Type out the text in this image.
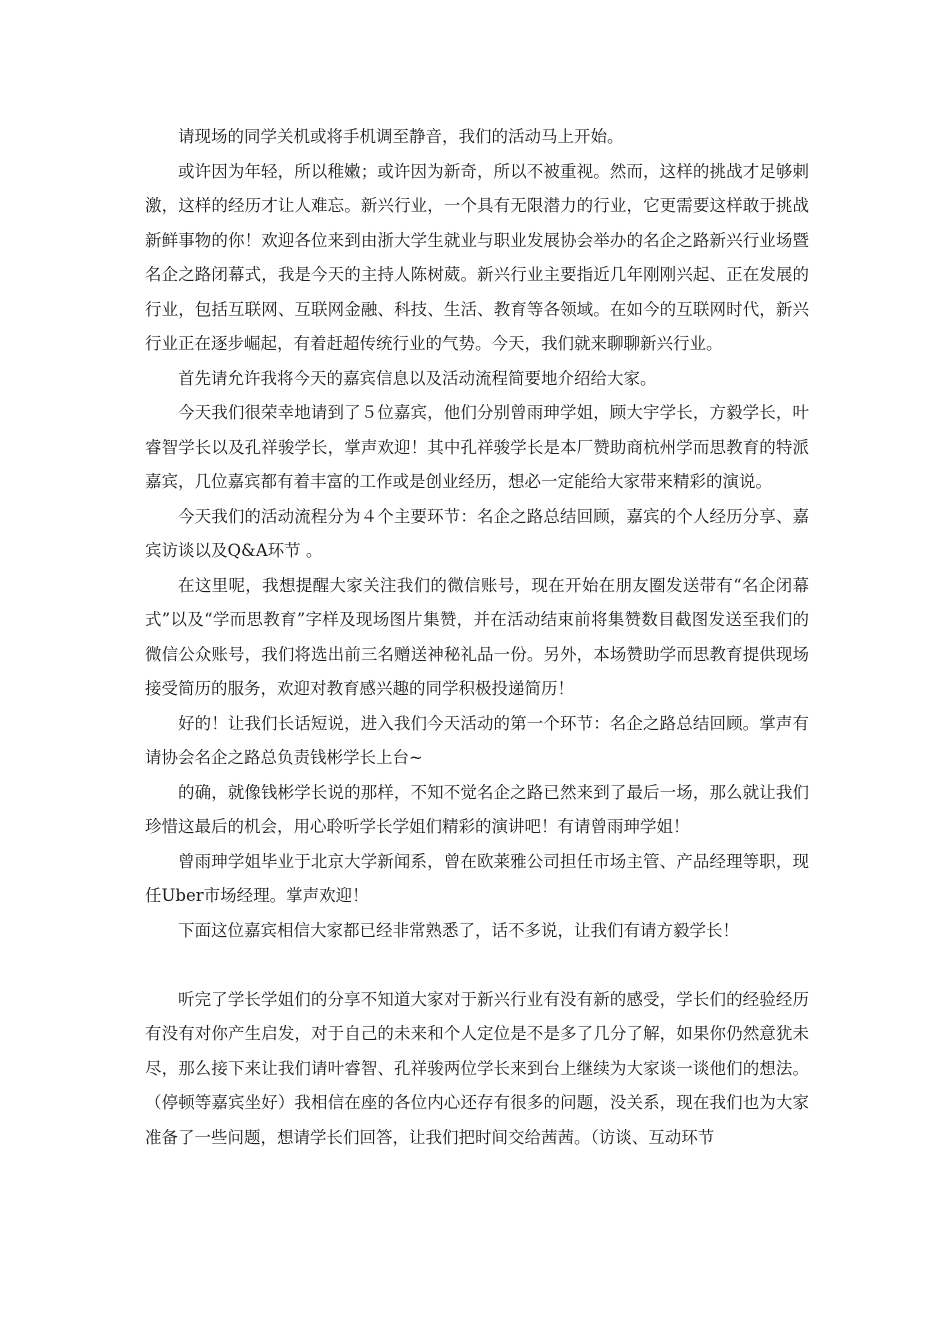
请现场的同学关机或将手机调至静音，我们的活动马上开始。

或许因为年轻，所以稚嫩；或许因为新奇，所以不被重视。然而，这样的挑战才足够刺激，这样的经历才让人难忘。新兴行业，一个具有无限潜力的行业，它更需要这样敢于挑战新鲜事物的你！欢迎各位来到由浙大学生就业与职业发展协会举办的名企之路新兴行业场暨名企之路闭幕式，我是今天的主持人陈树葳。新兴行业主要指近几年刚刚兴起、正在发展的行业，包括互联网、互联网金融、科技、生活、教育等各领域。在如今的互联网时代，新兴行业正在逐步崛起，有着赶超传统行业的气势。今天，我们就来聊聊新兴行业。

首先请允许我将今天的嘉宾信息以及活动流程简要地介绍给大家。

今天我们很荣幸地请到了５位嘉宾，他们分别曾雨珅学姐，顾大宇学长，方毅学长，叶睿智学长以及孔祥骏学长，掌声欢迎！其中孔祥骏学长是本厂赞助商杭州学而思教育的特派嘉宾，几位嘉宾都有着丰富的工作或是创业经历，想必一定能给大家带来精彩的演说。

今天我们的活动流程分为４个主要环节：名企之路总结回顾，嘉宾的个人经历分享、嘉宾访谈以及Q&A环节 。

在这里呢，我想提醒大家关注我们的微信账号，现在开始在朋友圈发送带有“名企闭幕式”以及“学而思教育”字样及现场图片集赞，并在活动结束前将集赞数目截图发送至我们的微信公众账号，我们将选出前三名赠送神秘礼品一份。另外，本场赞助学而思教育提供现场接受简历的服务，欢迎对教育感兴趣的同学积极投递简历！

好的！让我们长话短说，进入我们今天活动的第一个环节：名企之路总结回顾。掌声有请协会名企之路总负责钱彬学长上台~

的确，就像钱彬学长说的那样，不知不觉名企之路已然来到了最后一场，那么就让我们珍惜这最后的机会，用心聆听学长学姐们精彩的演讲吧！有请曾雨珅学姐！

曾雨珅学姐毕业于北京大学新闻系，曾在欧莱雅公司担任市场主管、产品经理等职，现任Uber市场经理。掌声欢迎！

下面这位嘉宾相信大家都已经非常熟悉了，话不多说，让我们有请方毅学长！

听完了学长学姐们的分享不知道大家对于新兴行业有没有新的感受，学长们的经验经历有没有对你产生启发，对于自己的未来和个人定位是不是多了几分了解，如果你仍然意犹未尽，那么接下来让我们请叶睿智、孔祥骏两位学长来到台上继续为大家谈一谈他们的想法。（停顿等嘉宾坐好）我相信在座的各位内心还存有很多的问题，没关系，现在我们也为大家准备了一些问题，想请学长们回答，让我们把时间交给茜茜。（访谈、互动环节
